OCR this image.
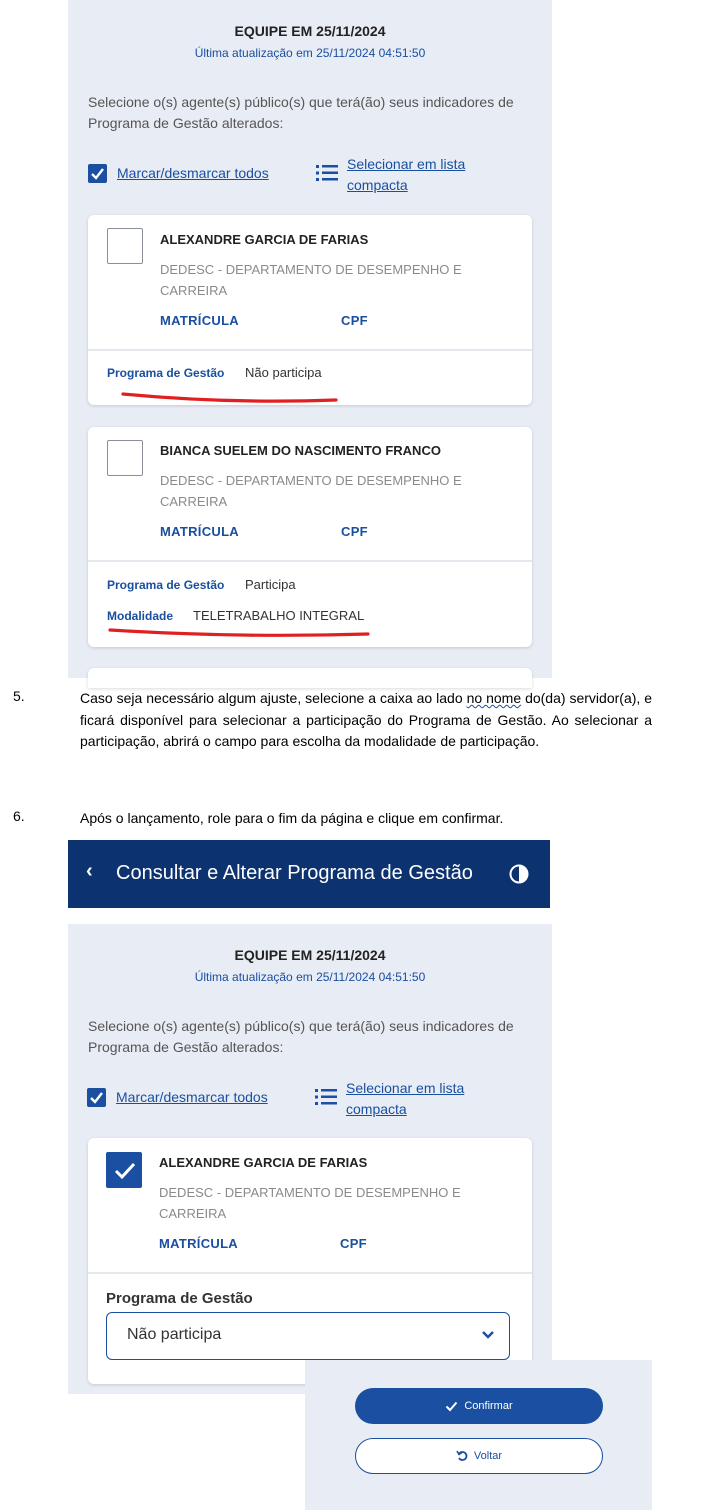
EQUIPE EM 25/11/2024
Última atualização em 25/11/2024 04:51:50
Selecione o(s) agente(s) público(s) que terá(ão) seus indicadores de Programa de Gestão alterados:
Marcar/desmarcar todos
Selecionar em lista compacta
ALEXANDRE GARCIA DE FARIAS
DEDESC - DEPARTAMENTO DE DESEMPENHO E CARREIRA
MATRÍCULA	CPF
Programa de Gestão Não participa
BIANCA SUELEM DO NASCIMENTO FRANCO
DEDESC - DEPARTAMENTO DE DESEMPENHO E CARREIRA
MATRÍCULA	CPF
Programa de Gestão Participa
Modalidade TELETRABALHO INTEGRAL
5.	Caso seja necessário algum ajuste, selecione a caixa ao lado no nome do(da) servidor(a), e ficará disponível para selecionar a participação do Programa de Gestão. Ao selecionar a participação, abrirá o campo para escolha da modalidade de participação.
6.	Após o lançamento, role para o fim da página e clique em confirmar.
‹ Consultar e Alterar Programa de Gestão
EQUIPE EM 25/11/2024
Última atualização em 25/11/2024 04:51:50
Selecione o(s) agente(s) público(s) que terá(ão) seus indicadores de Programa de Gestão alterados:
Marcar/desmarcar todos
Selecionar em lista compacta
ALEXANDRE GARCIA DE FARIAS
DEDESC - DEPARTAMENTO DE DESEMPENHO E CARREIRA
MATRÍCULA	CPF
Programa de Gestão
Não participa
Confirmar
Voltar
